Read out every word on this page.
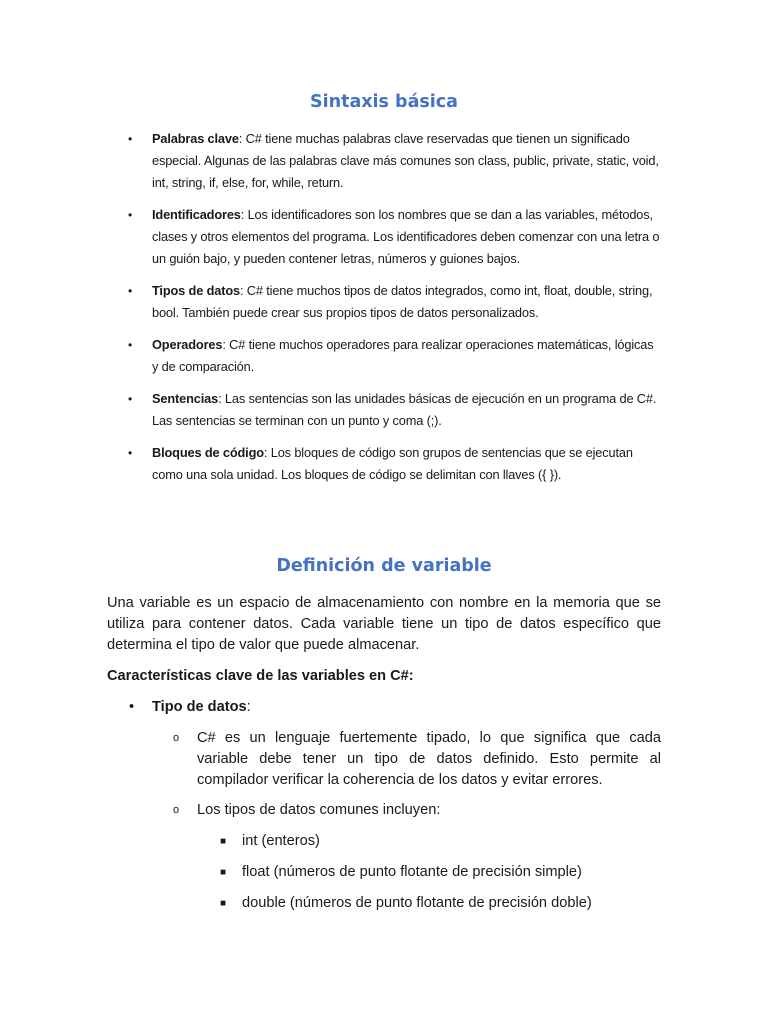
Sintaxis básica
• Palabras clave: C# tiene muchas palabras clave reservadas que tienen un significado especial. Algunas de las palabras clave más comunes son class, public, private, static, void, int, string, if, else, for, while, return.
• Identificadores: Los identificadores son los nombres que se dan a las variables, métodos, clases y otros elementos del programa. Los identificadores deben comenzar con una letra o un guión bajo, y pueden contener letras, números y guiones bajos.
• Tipos de datos: C# tiene muchos tipos de datos integrados, como int, float, double, string, bool. También puede crear sus propios tipos de datos personalizados.
• Operadores: C# tiene muchos operadores para realizar operaciones matemáticas, lógicas y de comparación.
• Sentencias: Las sentencias son las unidades básicas de ejecución en un programa de C#. Las sentencias se terminan con un punto y coma (;).
• Bloques de código: Los bloques de código son grupos de sentencias que se ejecutan como una sola unidad. Los bloques de código se delimitan con llaves ({ }).
Definición de variable

Una variable es un espacio de almacenamiento con nombre en la memoria que se utiliza para contener datos. Cada variable tiene un tipo de datos específico que determina el tipo de valor que puede almacenar.

Características clave de las variables en C#:

• Tipo de datos:

o C# es un lenguaje fuertemente tipado, lo que significa que cada variable debe tener un tipo de datos definido. Esto permite al compilador verificar la coherencia de los datos y evitar errores.

o Los tipos de datos comunes incluyen:

■ int (enteros)

■ float (números de punto flotante de precisión simple)

■ double (números de punto flotante de precisión doble)
